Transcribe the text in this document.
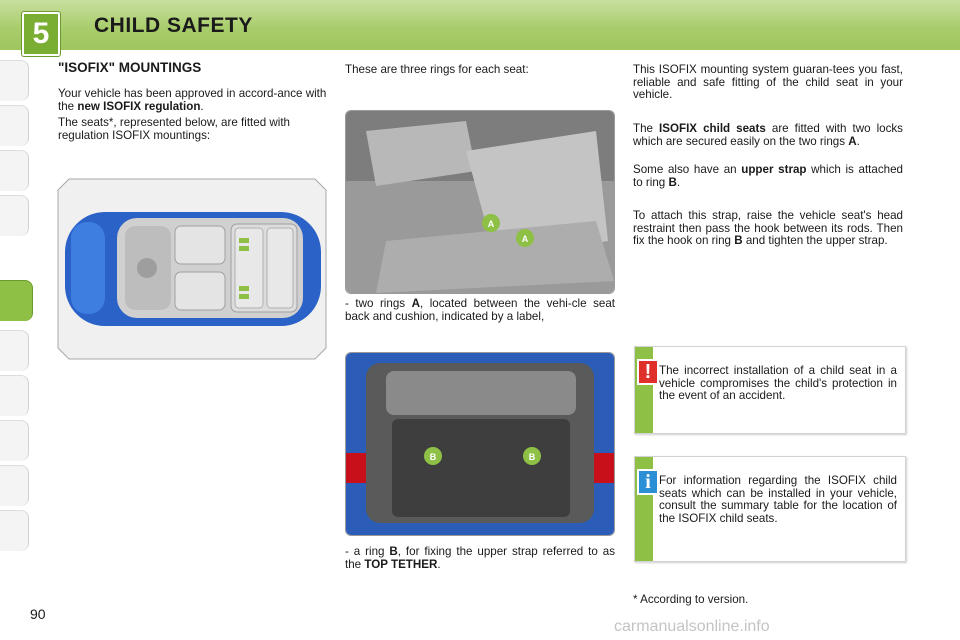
5	CHILD SAFETY
"ISOFIX" MOUNTINGS
Your vehicle has been approved in accord-ance with the new ISOFIX regulation.
The seats*, represented below, are fitted with regulation ISOFIX mountings:
These are three rings for each seat:
A
A
- two rings A, located between the vehi-cle seat back and cushion, indicated by a label,
B	B
- a ring B, for fixing the upper strap referred to as the TOP TETHER.
This ISOFIX mounting system guaran-tees you fast, reliable and safe fitting of the child seat in your vehicle.
The ISOFIX child seats are fitted with two locks which are secured easily on the two rings A.
Some also have an upper strap which is attached to ring B.
To attach this strap, raise the vehicle seat's head restraint then pass the hook between its rods. Then fix the hook on ring B and tighten the upper strap.
! The incorrect installation of a child seat in a vehicle compromises the child's protection in the event of an accident.
i For information regarding the ISOFIX child seats which can be installed in your vehicle, consult the summary table for the location of the ISOFIX child seats.
* According to version.
90
carmanualsonline.info
